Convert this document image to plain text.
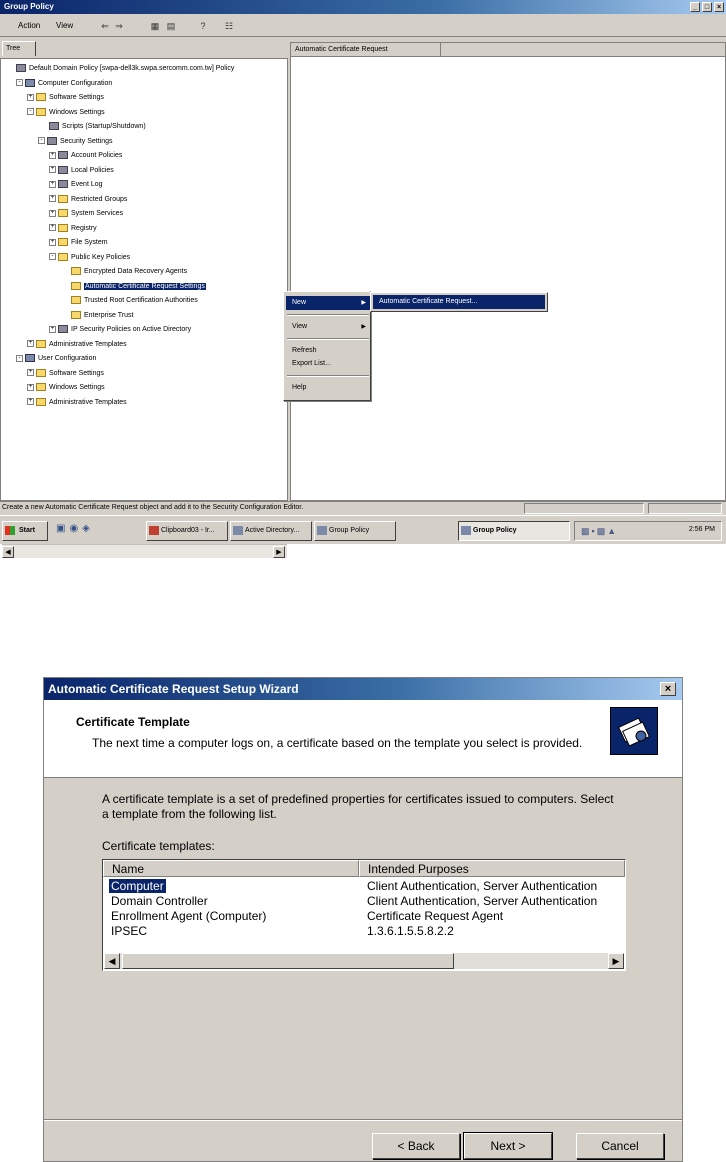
Group Policy	_	□	×
Action View	⇐ ⇒	▦ ▤	?	☷
Tree
Default Domain Policy [swpa-dell3k.swpa.sercomm.com.tw] Policy
-	Computer Configuration
+ Software Settings
-	Windows Settings
Scripts (Startup/Shutdown)
-	Security Settings
+ Account Policies
+ Local Policies
+ Event Log
+ Restricted Groups
+ System Services
+ Registry
+ File System
-	Public Key Policies
Encrypted Data Recovery Agents
Automatic Certificate Request Settings
Trusted Root Certification Authorities
Enterprise Trust
+ IP Security Policies on Active Directory
+ Administrative Templates
-	User Configuration
+ Software Settings
+ Windows Settings
+ Administrative Templates
◀	▶
Automatic Certificate Request
New	▶
View	▶
Refresh
Export List...
Help
Automatic Certificate Request...
Create a new Automatic Certificate Request object and add it to the Security Configuration Editor.
Start	▣◉◈	Clipboard03 - Ir...	Active Directory...	Group Policy	Group Policy	▩▪▩▲	2:56 PM
Automatic Certificate Request Setup Wizard	×
Certificate Template
The next time a computer logs on, a certificate based on the template you select is provided.
A certificate template is a set of predefined properties for certificates issued to computers. Select a template from the following list.
Certificate templates:
Name	Intended Purposes
Computer	Client Authentication, Server Authentication
Domain Controller	Client Authentication, Server Authentication
Enrollment Agent (Computer)	Certificate Request Agent
IPSEC	1.3.6.1.5.5.8.2.2
◀	▶
< Back	Next >	Cancel
